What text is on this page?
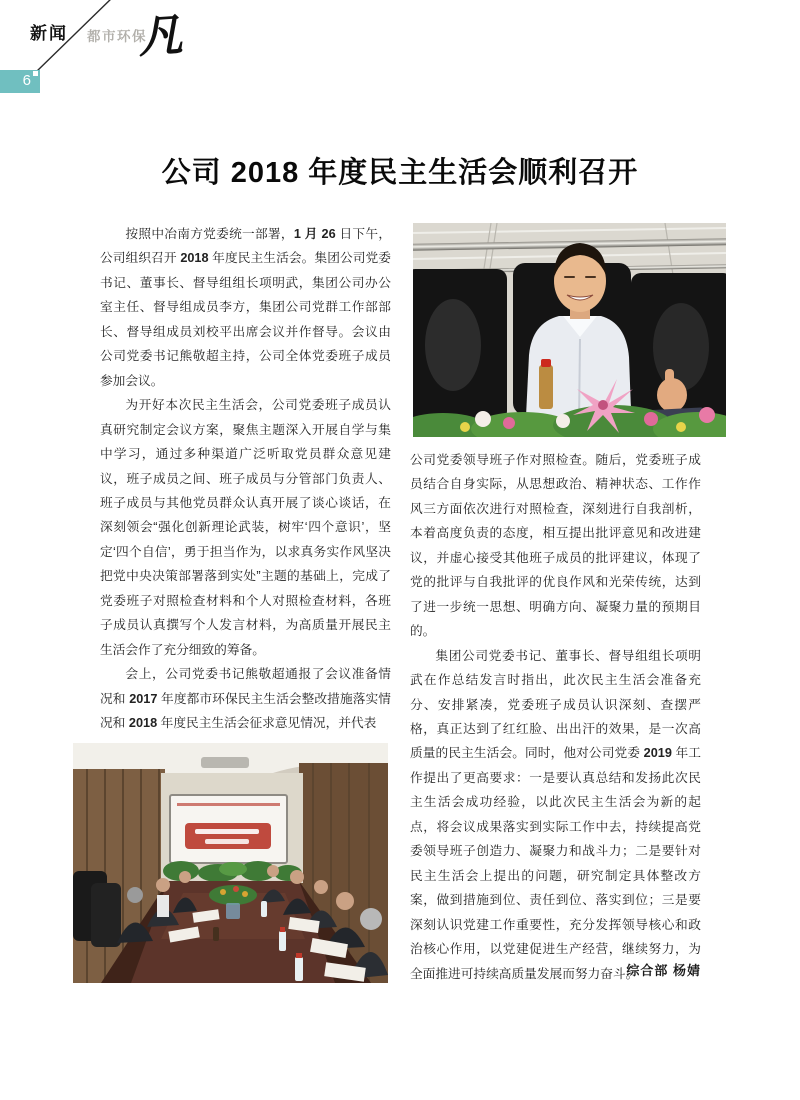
新闻 都市环保
凡
6
公司 2018 年度民主生活会顺利召开

按照中冶南方党委统一部署，1 月 26 日下午，公司组织召开 2018 年度民主生活会。集团公司党委书记、董事长、督导组组长项明武，集团公司办公室主任、督导组成员李方，集团公司党群工作部部长、督导组成员刘校平出席会议并作督导。会议由公司党委书记熊敬超主持，公司全体党委班子成员参加会议。

为开好本次民主生活会，公司党委班子成员认真研究制定会议方案，聚焦主题深入开展自学与集中学习，通过多种渠道广泛听取党员群众意见建议，班子成员之间、班子成员与分管部门负责人、班子成员与其他党员群众认真开展了谈心谈话，在深刻领会“强化创新理论武装，树牢‘四个意识’，坚定‘四个自信’，勇于担当作为，以求真务实作风坚决把党中央决策部署落到实处”主题的基础上，完成了党委班子对照检查材料和个人对照检查材料，各班子成员认真撰写个人发言材料，为高质量开展民主生活会作了充分细致的筹备。

会上，公司党委书记熊敬超通报了会议准备情况和 2017 年度都市环保民主生活会整改措施落实情况和 2018 年度民主生活会征求意见情况，并代表

公司党委领导班子作对照检查。随后，党委班子成员结合自身实际，从思想政治、精神状态、工作作风三方面依次进行对照检查，深刻进行自我剖析，本着高度负责的态度，相互提出批评意见和改进建议，并虚心接受其他班子成员的批评建议，体现了党的批评与自我批评的优良作风和光荣传统，达到了进一步统一思想、明确方向、凝聚力量的预期目的。

集团公司党委书记、董事长、督导组组长项明武在作总结发言时指出，此次民主生活会准备充分、安排紧凑，党委班子成员认识深刻、查摆严格，真正达到了红红脸、出出汗的效果，是一次高质量的民主生活会。同时，他对公司党委 2019 年工作提出了更高要求：一是要认真总结和发扬此次民主生活会成功经验，以此次民主生活会为新的起点，将会议成果落实到实际工作中去，持续提高党委领导班子创造力、凝聚力和战斗力；二是要针对民主生活会上提出的问题，研究制定具体整改方案，做到措施到位、责任到位、落实到位；三是要深刻认识党建工作重要性，充分发挥领导核心和政治核心作用，以党建促进生产经营，继续努力，为全面推进可持续高质量发展而努力奋斗。

综合部 杨婧
